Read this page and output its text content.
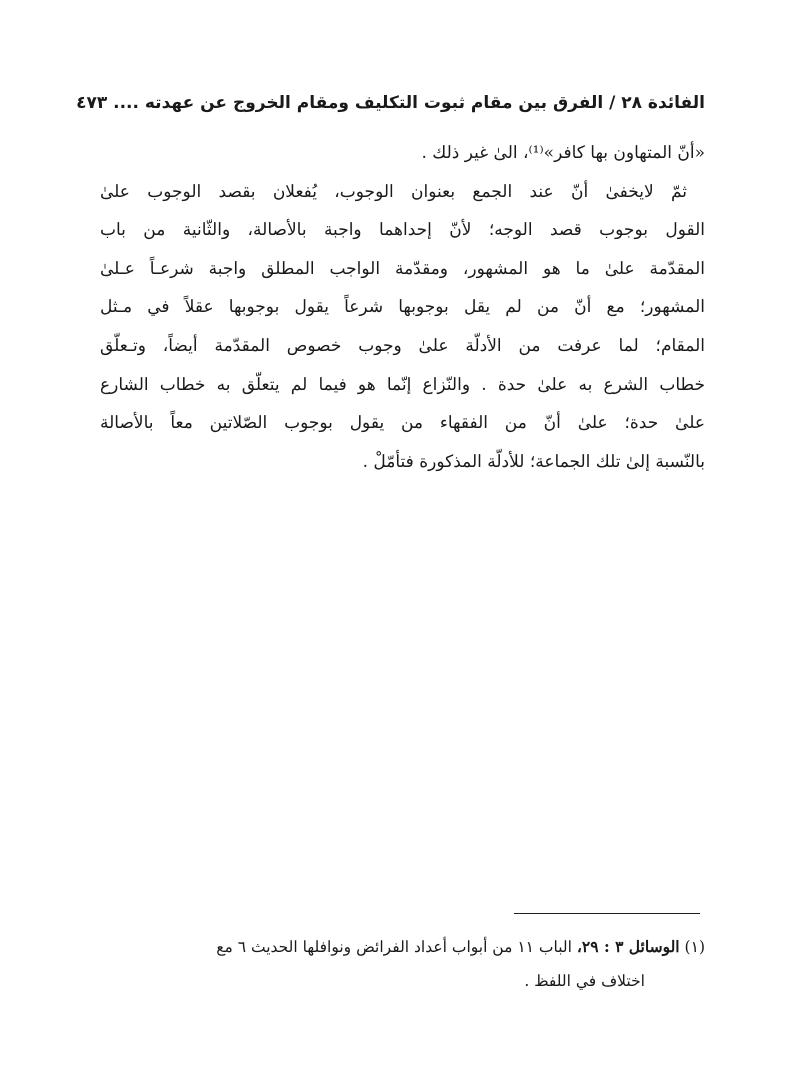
الفائدة ٢٨ / الفرق بين مقام ثبوت التكليف ومقام الخروج عن عهدته .... ٤٧٣
«أنّ المتهاون بها كافر»⁽¹⁾، الىٰ غير ذلك .
ثمّ لايخفىٰ أنّ عند الجمع بعنوان الوجوب، يُفعلان بقصد الوجوب علىٰ
القول بوجوب قصد الوجه؛ لأنّ إحداهما واجبة بالأصالة، والثّانية من باب
المقدّمة علىٰ ما هو المشهور، ومقدّمة الواجب المطلق واجبة شرعـاً عـلىٰ
المشهور؛ مع أنّ من لم يقل بوجوبها شرعاً يقول بوجوبها عقلاً في مـثل
المقام؛ لما عرفت من الأدلّة علىٰ وجوب خصوص المقدّمة أيضاً، وتـعلّق
خطاب الشرع به علىٰ حدة . والنّزاع إنّما هو فيما لم يتعلّق به خطاب الشارع
علىٰ حدة؛ علىٰ أنّ من الفقهاء من يقول بوجوب الصّلاتين معاً بالأصالة
بالنّسبة إلىٰ تلك الجماعة؛ للأدلّة المذكورة فتأمّلْ .
(١) الوسائل ٣ : ٢٩، الباب ١١ من أبواب أعداد الفرائض ونوافلها الحديث ٦ مع
اختلاف في اللفظ .
